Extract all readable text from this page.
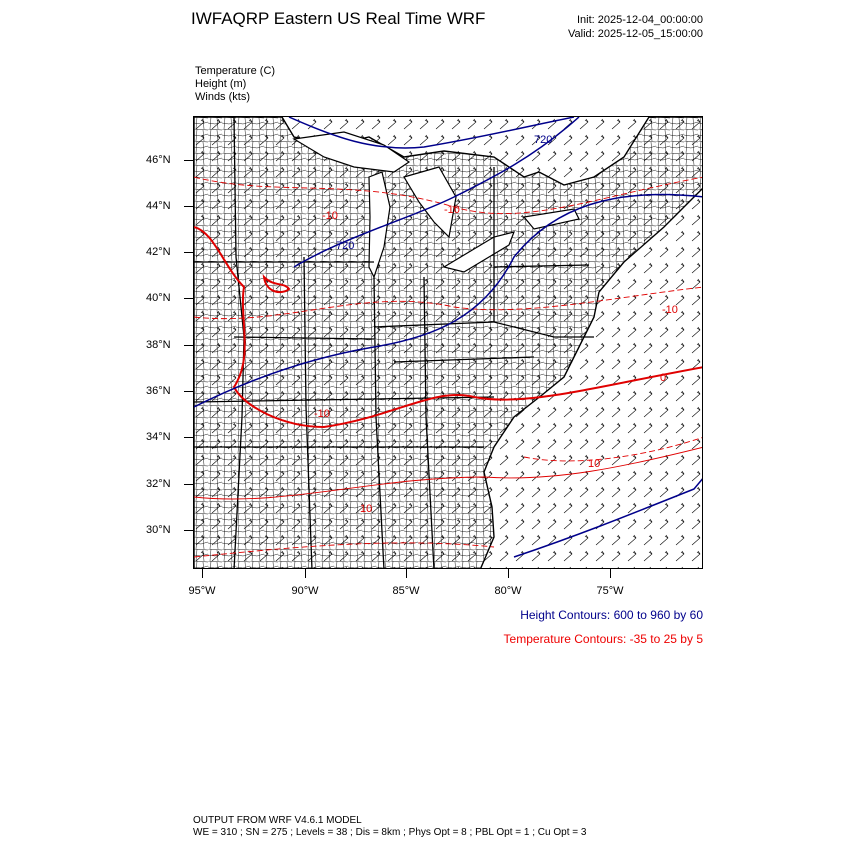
IWFAQRP Eastern US Real Time WRF	Init: 2025-12-04_00:00:00
Valid: 2025-12-05_15:00:00
Temperature (C)
Height (m)
Winds (kts)
46°N
44°N
42°N
40°N
38°N
36°N
34°N
32°N
30°N
95°W	90°W	85°W	80°W	75°W
720
720
-10	-10
-10
-10
0
10
10
Height Contours: 600 to 960 by 60
Temperature Contours: -35 to 25 by 5
OUTPUT FROM WRF V4.6.1 MODEL
WE = 310 ; SN = 275 ; Levels = 38 ; Dis = 8km ; Phys Opt = 8 ; PBL Opt = 1 ; Cu Opt = 3
